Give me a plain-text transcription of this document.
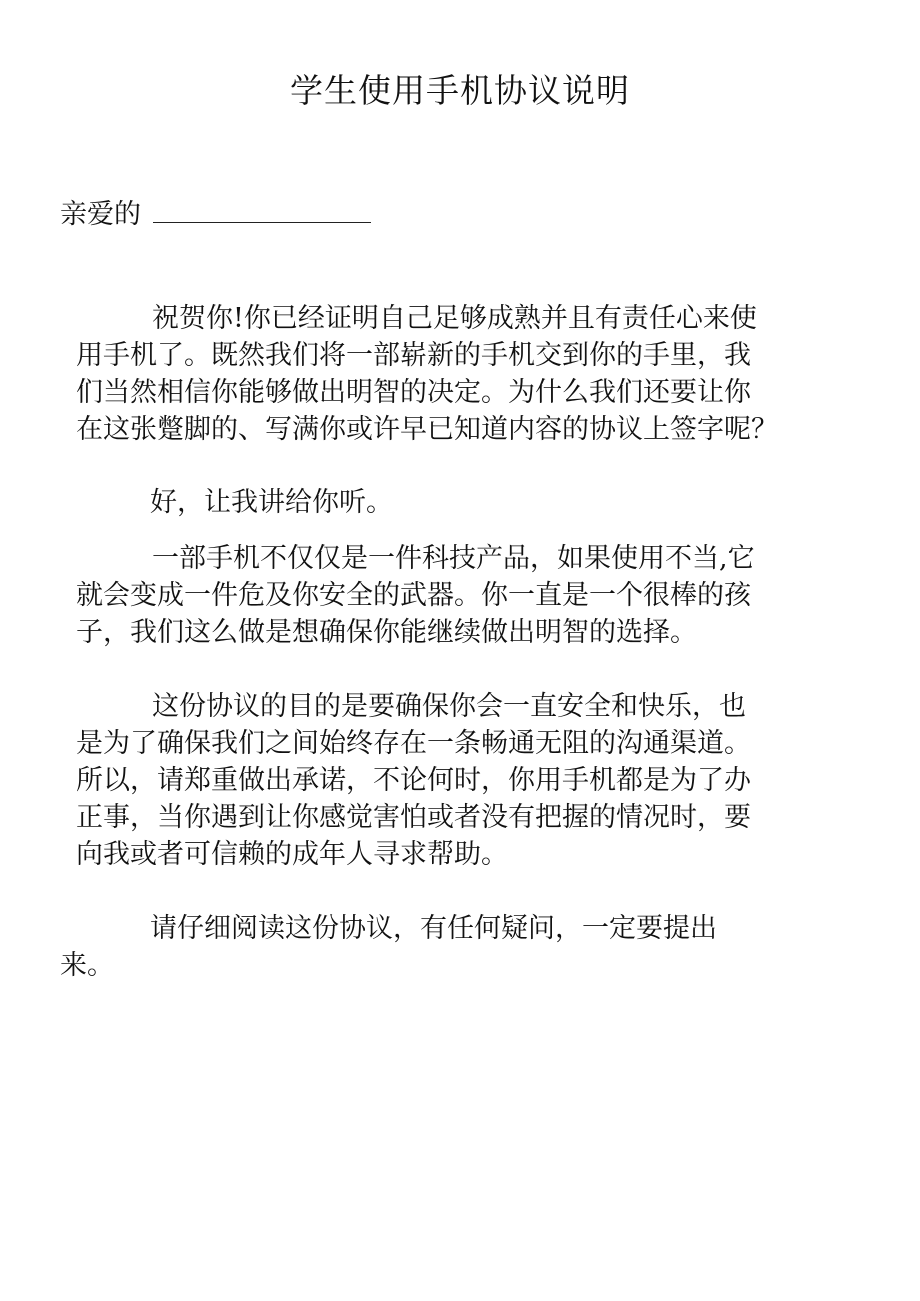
学生使用手机协议说明
亲爱的
祝贺你!你已经证明自己足够成熟并且有责任心来使
用手机了。既然我们将一部崭新的手机交到你的手里，我
们当然相信你能够做出明智的决定。为什么我们还要让你
在这张蹩脚的、写满你或许早已知道内容的协议上签字呢？
好，让我讲给你听。
一部手机不仅仅是一件科技产品，如果使用不当,它
就会变成一件危及你安全的武器。你一直是一个很棒的孩
子，我们这么做是想确保你能继续做出明智的选择。
这份协议的目的是要确保你会一直安全和快乐，也
是为了确保我们之间始终存在一条畅通无阻的沟通渠道。
所以，请郑重做出承诺，不论何时，你用手机都是为了办
正事，当你遇到让你感觉害怕或者没有把握的情况时，要
向我或者可信赖的成年人寻求帮助。
请仔细阅读这份协议，有任何疑问，一定要提出
来。
